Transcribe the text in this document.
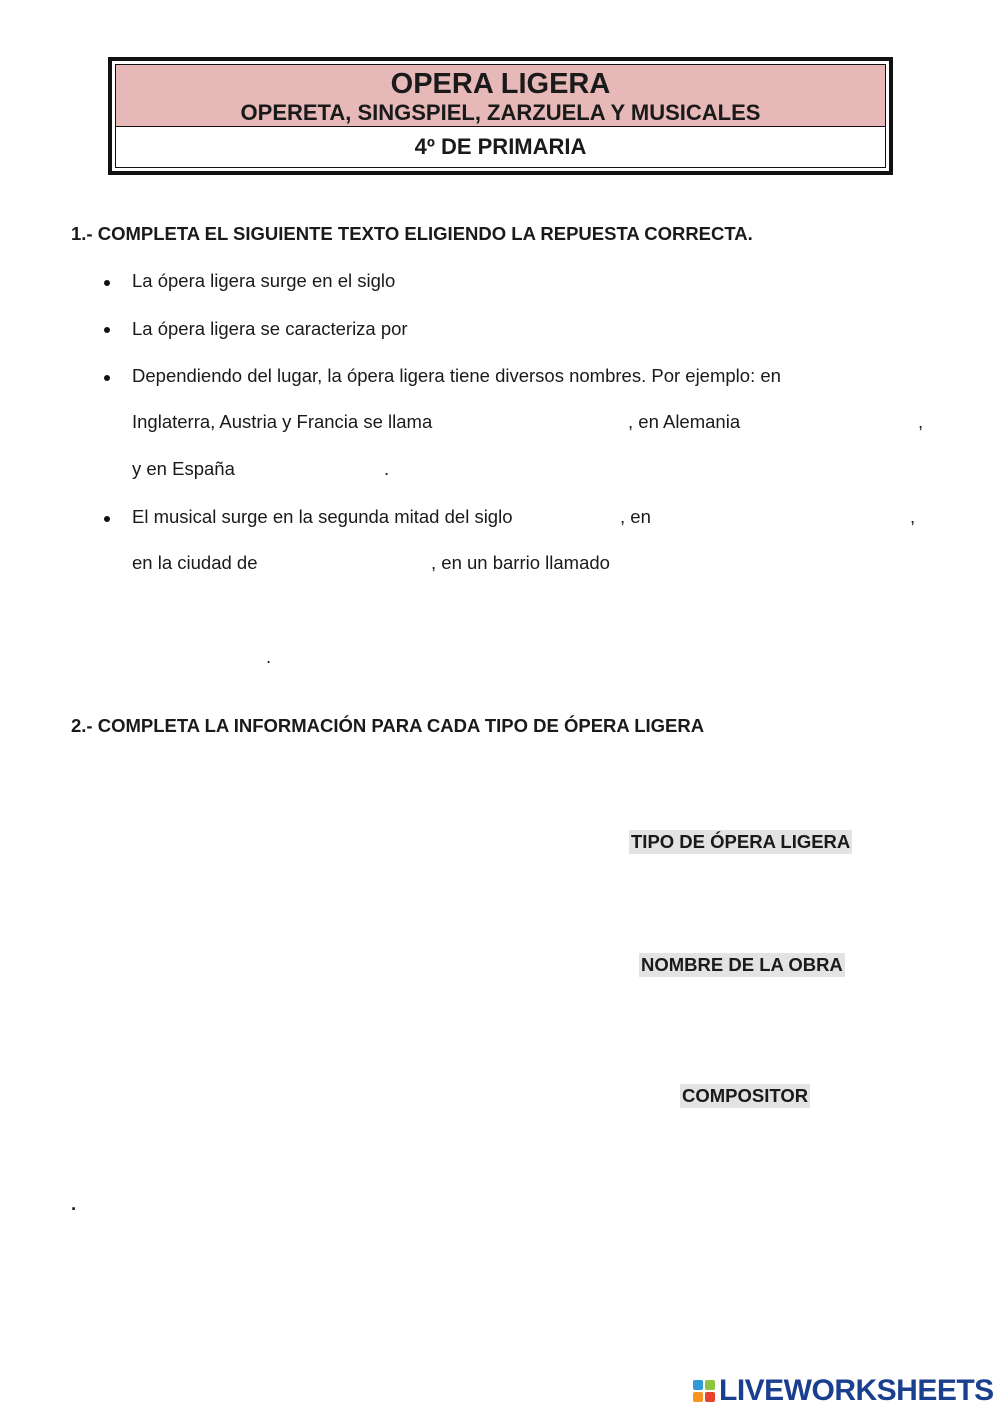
OPERA LIGERA
OPERETA, SINGSPIEL, ZARZUELA Y MUSICALES
4º DE PRIMARIA
1.- COMPLETA EL SIGUIENTE TEXTO ELIGIENDO LA REPUESTA CORRECTA.
La ópera ligera surge en el siglo
La ópera ligera se caracteriza por
Dependiendo del lugar, la ópera ligera tiene diversos nombres. Por ejemplo: en
Inglaterra, Austria y Francia se llama	, en Alemania	,
y en España	.
El musical surge en la segunda mitad del siglo	, en	,
en la ciudad de	, en un barrio llamado
.
2.- COMPLETA LA INFORMACIÓN PARA CADA TIPO DE ÓPERA LIGERA
TIPO DE ÓPERA LIGERA
NOMBRE DE LA OBRA
COMPOSITOR
.
LIVEWORKSHEETS
